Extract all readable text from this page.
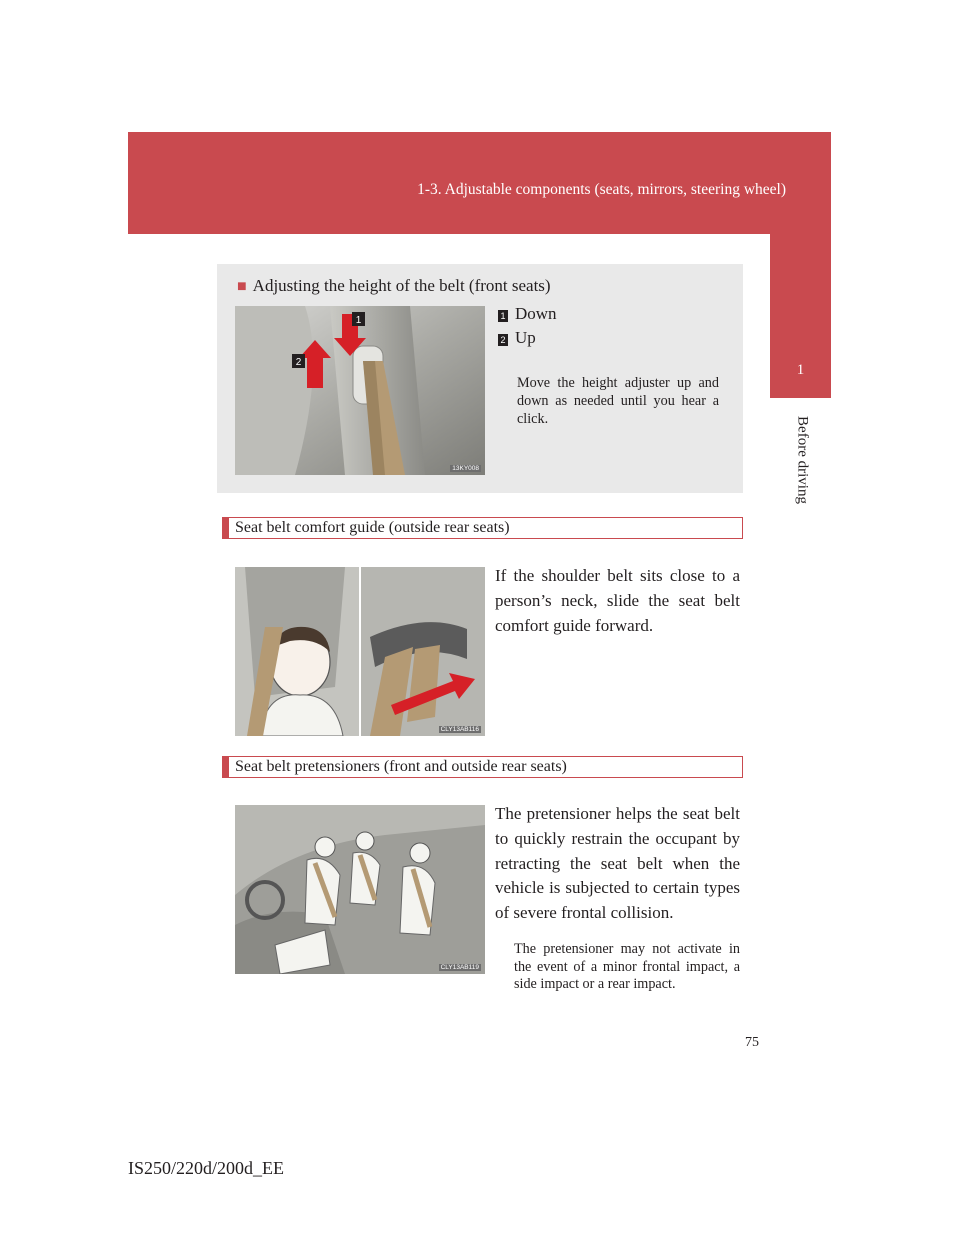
1-3. Adjustable components (seats, mirrors, steering wheel)
1
Before driving
■ Adjusting the height of the belt (front seats)
2
1
13KY008
1 Down
2 Up
Move the height adjuster up and down as needed until you hear a click.
Seat belt comfort guide (outside rear seats)
CLY13AB116
If the shoulder belt sits close to a person’s neck, slide the seat belt comfort guide forward.
Seat belt pretensioners (front and outside rear seats)
CLY13AB119
The pretensioner helps the seat belt to quickly restrain the occupant by retracting the seat belt when the vehicle is subjected to certain types of severe frontal collision.
The pretensioner may not activate in the event of a minor frontal impact, a side impact or a rear impact.
75
IS250/220d/200d_EE
